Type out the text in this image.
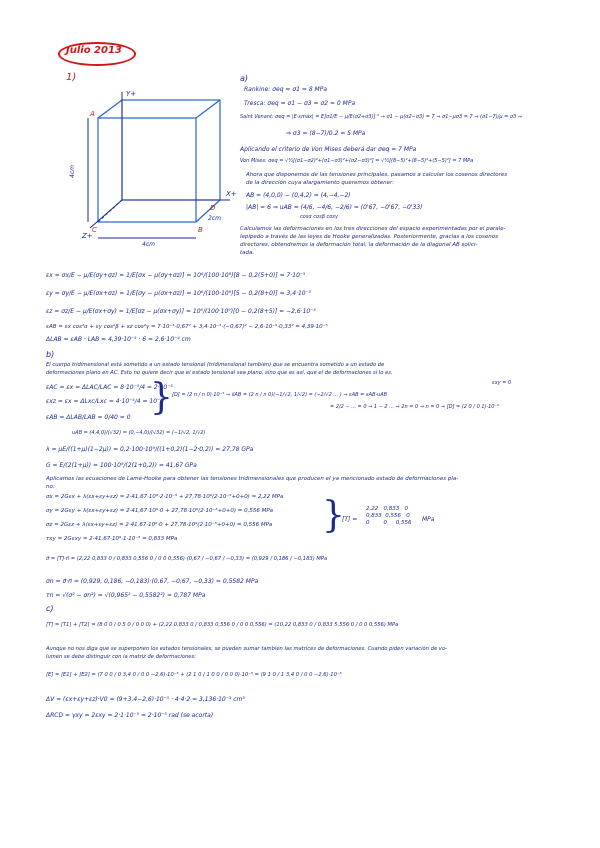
Julio 2013
1)
Y+
X+
Z+
A
B
C
D
4cm
4cm
2cm
a)
Rankine: σeq = σ1 = 8 MPa
Tresca: σeq = σ1 − σ3 = σ2 = 0 MPa
Saint Venant: σeq = |E·εmáx| = E[σ1/E − μ/E(σ2+σ3)] ⁰ → σ1 − μ(σ2−σ3) = 7 ⇒ σ1−μσ3 = 7 ⇒ (σ1−7)/μ = σ3 ⇒
⇒ σ3 = (8−7)/0.2 = 5 MPa
Aplicando el criterio de Von Mises deberá dar σeq = 7 MPa
Von Mises: σeq = √½[(σ1−σ2)²+(σ1−σ3)²+(σ2−σ3)²] = √½[(8−5)²+(8−5)²+(5−5)²] = 7 MPa
Ahora que disponemos de las tensiones principales, pasamos a calcular los cosenos directores
de la dirección cuya alargamiento queremos obtener:
AB = (4,0,0) − (0,4,2) = (4,−4,−2)
|AB| = 6 ⇒ uAB = (4/6, −4/6, −2/6) = (0'67, −0'67, −0'33)
cosα cosβ cosγ
Calculamos las deformaciones en los tres direcciones del espacio experimentadas por el parale-
lepípedo a través de las leyes de Hooke generalizadas. Posteriormente, gracias a los cosenos
directores, obtendremos la deformación total, la deformación de la diagonal AB solici-
tada.
εx = σx/E − μ/E(σy+σz) = 1/E[σx − μ(σy+σz)] = 10⁶/(100·10⁹)[8 − 0,2(5+0)] = 7·10⁻⁵
εy = σy/E − μ/E(σx+σz) = 1/E[σy − μ(σx+σz)] = 10⁶/(100·10⁹)[5 − 0,2(8+0)] = 3,4·10⁻⁵
εz = σz/E − μ/E(σx+σy) = 1/E[σz − μ(σx+σy)] = 10⁶/(100·10⁹)[0 − 0,2(8+5)] = −2,6·10⁻⁵
εAB = εx cos²α + εy cos²β + εz cos²γ = 7·10⁻⁵·0,67² + 3,4·10⁻⁵·(−0,67)² − 2,6·10⁻⁵·0,33² = 4,39·10⁻⁵
ΔLAB = εAB · LAB = 4,39·10⁻⁵ · 6 = 2,6·10⁻⁴ cm
b)
El cuerpo tridimensional está sometido a un estado tensional (tridimensional también) que se encuentra sometido a un estado de
deformaciones plano en AC. Esto no quiere decir que el estado tensional sea plano, sino que es así, que el de deformaciones sí lo es.
εAC = εx = ΔLAC/LAC = 8·10⁻⁵/4 = 2·10⁻⁵
εxz = εx = ΔLxc/Lxc = 4·10⁻⁵/4 = 10⁻⁵
εAB = ΔLAB/LAB = 0/40 = 0 }	εxy = 0
[D] = (2 n / n 0)·10⁻⁵ ⇒ ε⃗AB = (2 n / n 0)(−1/√2, 1/√2) = (−2/√2 ... ) ⇒ εAB = εAB·uAB
= 2/2 − ... = 0 ⇒ 1 − 2 ... ⇒ 2n = 0 ⇒ n = 0 ⇒ [D] = (2 0 / 0 1)·10⁻⁵
uAB = (4,4,0)/(√32) = (0,−4,0)/(√32) = (−1/√2, 1/√2)
λ = μE/((1+μ)(1−2μ)) = 0,2·100·10⁹/((1+0,2)(1−2·0,2)) = 27,78 GPa
G = E/(2(1+μ)) = 100·10⁹/(2(1+0,2)) = 41,67 GPa
Aplicamos las ecuaciones de Lamé-Hooke para obtener las tensiones tridimensionales que producen el ya mencionado estado de deformaciones pla-
no:
σx = 2Gεx + λ(εx+εy+εz) = 2·41,67·10⁹·2·10⁻⁵ + 27,78·10⁹(2·10⁻⁵+0+0) = 2,22 MPa
σy = 2Gεy + λ(εx+εy+εz) = 2·41,67·10⁹·0 + 27,78·10⁹(2·10⁻⁵+0+0) = 0,556 MPa
σz = 2Gεz + λ(εx+εy+εz) = 2·41,67·10⁹·0 + 27,78·10⁹(2·10⁻⁵+0+0) = 0,556 MPa
τxy = 2Gεxy = 2·41,67·10⁹·1·10⁻⁵ = 0,833 MPa
}
[T] =
2,22   0,833   0
0,833  0,556   0
0        0     0,556 MPa
σ⃗ = [T]·n⃗ = (2,22 0,833 0 / 0,833 0,556 0 / 0 0 0,556)·(0,67 / −0,67 / −0,33) = (0,929 / 0,186 / −0,183) MPa
σn = σ⃗·n⃗ = (0,929, 0,186, −0,183)·(0,67, −0,67, −0,33) = 0,5582 MPa
τn = √(σ² − σn²) = √(0,965² − 0,5582²) = 0,787 MPa
c)
[T] = [T1] + [T2] = (8 0 0 / 0 5 0 / 0 0 0) + (2,22 0,833 0 / 0,833 0,556 0 / 0 0 0,556) = (10,22 0,833 0 / 0,833 5,556 0 / 0 0 0,556) MPa
Aunque no nos diga que se superponen los estados tensionales, se pueden sumar también las matrices de deformaciones. Cuando piden variación de vo-
lumen se debe distinguir con la matriz de deformaciones:
[E] = [E1] + [E2] = (7 0 0 / 0 3,4 0 / 0 0 −2,6)·10⁻⁵ + (2 1 0 / 1 0 0 / 0 0 0)·10⁻⁵ = (9 1 0 / 1 3,4 0 / 0 0 −2,6)·10⁻⁵
ΔV = (εx+εy+εz)·V0 = (9+3,4−2,6)·10⁻⁵ · 4·4·2 = 3,136·10⁻³ cm³
ΔRCD = γxy = 2εxy = 2·1·10⁻⁵ = 2·10⁻⁵ rad (se acorta)
